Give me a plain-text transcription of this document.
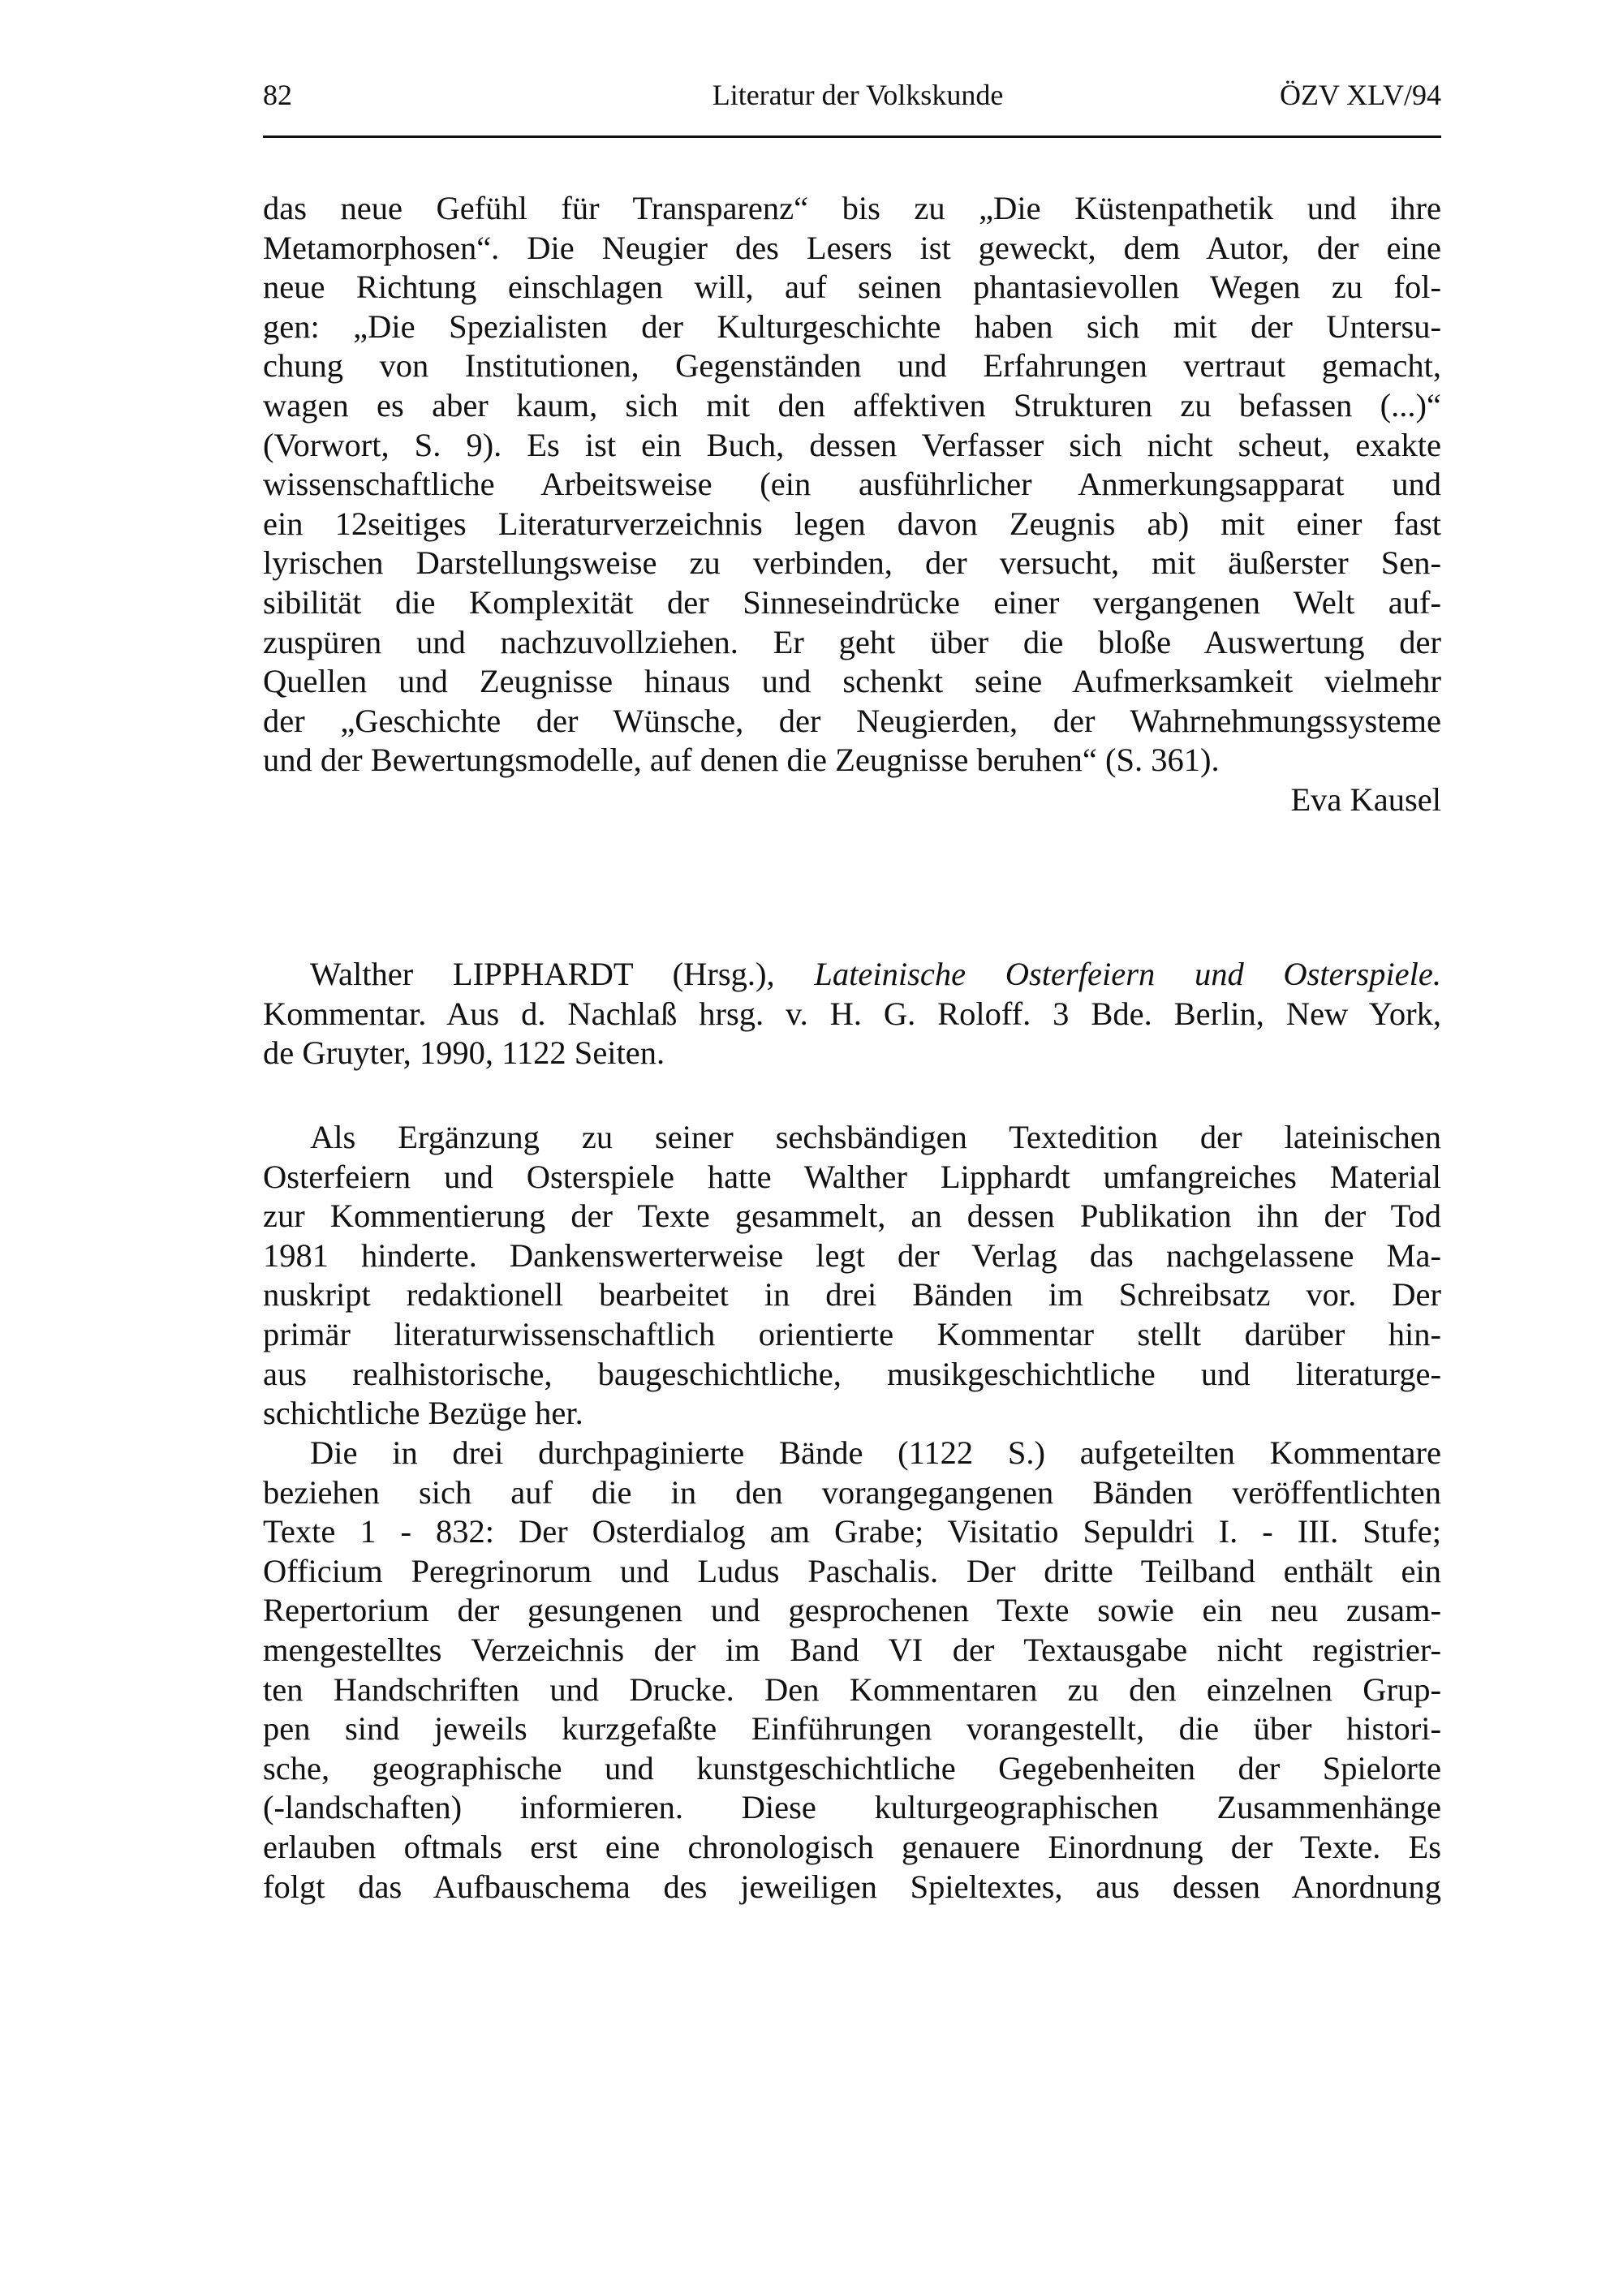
82	Literatur der Volkskunde	ÖZV XLV/94
das neue Gefühl für Transparenz“ bis zu „Die Küstenpathetik und ihre
Metamorphosen“. Die Neugier des Lesers ist geweckt, dem Autor, der eine
neue Richtung einschlagen will, auf seinen phantasievollen Wegen zu fol-
gen: „Die Spezialisten der Kulturgeschichte haben sich mit der Untersu-
chung von Institutionen, Gegenständen und Erfahrungen vertraut gemacht,
wagen es aber kaum, sich mit den affektiven Strukturen zu befassen (...)“
(Vorwort, S. 9). Es ist ein Buch, dessen Verfasser sich nicht scheut, exakte
wissenschaftliche Arbeitsweise (ein ausführlicher Anmerkungsapparat und
ein 12seitiges Literaturverzeichnis legen davon Zeugnis ab) mit einer fast
lyrischen Darstellungsweise zu verbinden, der versucht, mit äußerster Sen-
sibilität die Komplexität der Sinneseindrücke einer vergangenen Welt auf-
zuspüren und nachzuvollziehen. Er geht über die bloße Auswertung der
Quellen und Zeugnisse hinaus und schenkt seine Aufmerksamkeit vielmehr
der „Geschichte der Wünsche, der Neugierden, der Wahrnehmungssysteme
und der Bewertungsmodelle, auf denen die Zeugnisse beruhen“ (S. 361).
Eva Kausel
Walther LIPPHARDT (Hrsg.), Lateinische Osterfeiern und Osterspiele.
Kommentar. Aus d. Nachlaß hrsg. v. H. G. Roloff. 3 Bde. Berlin, New York,
de Gruyter, 1990, 1122 Seiten.
Als Ergänzung zu seiner sechsbändigen Textedition der lateinischen
Osterfeiern und Osterspiele hatte Walther Lipphardt umfangreiches Material
zur Kommentierung der Texte gesammelt, an dessen Publikation ihn der Tod
1981 hinderte. Dankenswerterweise legt der Verlag das nachgelassene Ma-
nuskript redaktionell bearbeitet in drei Bänden im Schreibsatz vor. Der
primär literaturwissenschaftlich orientierte Kommentar stellt darüber hin-
aus realhistorische, baugeschichtliche, musikgeschichtliche und literaturge-
schichtliche Bezüge her.
Die in drei durchpaginierte Bände (1122 S.) aufgeteilten Kommentare
beziehen sich auf die in den vorangegangenen Bänden veröffentlichten
Texte 1 - 832: Der Osterdialog am Grabe; Visitatio Sepuldri I. - III. Stufe;
Officium Peregrinorum und Ludus Paschalis. Der dritte Teilband enthält ein
Repertorium der gesungenen und gesprochenen Texte sowie ein neu zusam-
mengestelltes Verzeichnis der im Band VI der Textausgabe nicht registrier-
ten Handschriften und Drucke. Den Kommentaren zu den einzelnen Grup-
pen sind jeweils kurzgefaßte Einführungen vorangestellt, die über histori-
sche, geographische und kunstgeschichtliche Gegebenheiten der Spielorte
(-landschaften) informieren. Diese kulturgeographischen Zusammenhänge
erlauben oftmals erst eine chronologisch genauere Einordnung der Texte. Es
folgt das Aufbauschema des jeweiligen Spieltextes, aus dessen Anordnung
